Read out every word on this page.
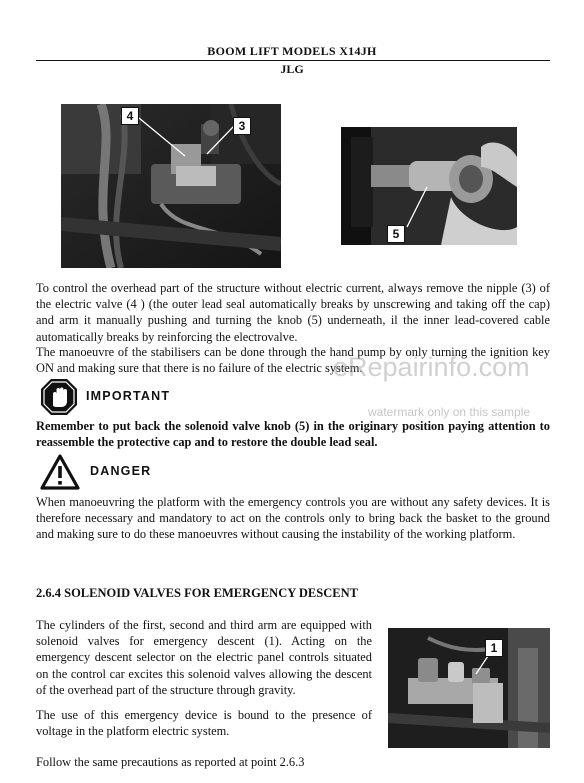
BOOM LIFT MODELS X14JH
JLG
4
3
5
To control the overhead part of the structure without electric current, always remove the nipple (3) of the electric valve (4 ) (the outer lead seal automatically breaks by unscrewing and taking off the cap) and arm it manually pushing and turning the knob (5) underneath, il the inner lead-covered cable automatically breaks by reinforcing the electrovalve.
The manoeuvre of the stabilisers can be done through the hand pump by only turning the ignition key ON and making sure that there is no failure of the electric system.
IMPORTANT
Remember to put back the solenoid valve knob (5) in the originary position paying attention to reassemble the protective cap and to restore the double lead seal.
DANGER
When manoeuvring the platform with the emergency controls you are without any safety devices. It is therefore necessary and mandatory to act on the controls only to bring back the basket to the ground and making sure to do these manoeuvres without causing the instability of the working platform.
eRepairinfo.com
watermark only on this sample
2.6.4 SOLENOID VALVES FOR EMERGENCY DESCENT
The cylinders of the first, second and third arm are equipped with solenoid valves for emergency descent (1). Acting on the emergency descent selector on the electric panel controls situated on the control car excites this solenoid valves allowing the descent of the overhead part of the structure through gravity.
The use of this emergency device is bound to the presence of voltage in the platform electric system.
Follow the same precautions as reported at point 2.6.3
1
